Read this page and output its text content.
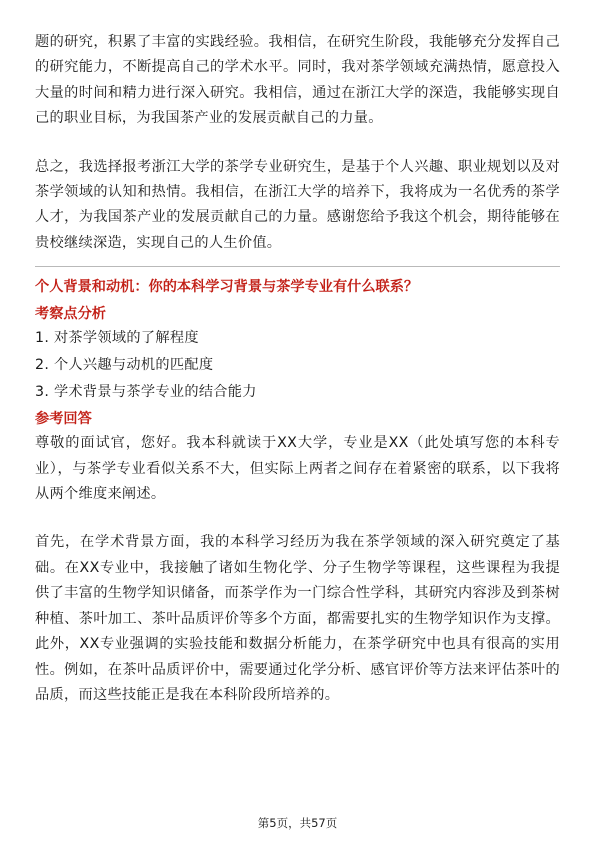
题的研究，积累了丰富的实践经验。我相信，在研究生阶段，我能够充分发挥自己的研究能力，不断提高自己的学术水平。同时，我对茶学领域充满热情，愿意投入大量的时间和精力进行深入研究。我相信，通过在浙江大学的深造，我能够实现自己的职业目标，为我国茶产业的发展贡献自己的力量。

总之，我选择报考浙江大学的茶学专业研究生，是基于个人兴趣、职业规划以及对茶学领域的认知和热情。我相信，在浙江大学的培养下，我将成为一名优秀的茶学人才，为我国茶产业的发展贡献自己的力量。感谢您给予我这个机会，期待能够在贵校继续深造，实现自己的人生价值。

个人背景和动机：你的本科学习背景与茶学专业有什么联系？
考察点分析
1. 对茶学领域的了解程度
2. 个人兴趣与动机的匹配度
3. 学术背景与茶学专业的结合能力
参考回答

尊敬的面试官，您好。我本科就读于XX大学，专业是XX（此处填写您的本科专业），与茶学专业看似关系不大，但实际上两者之间存在着紧密的联系，以下我将从两个维度来阐述。

首先，在学术背景方面，我的本科学习经历为我在茶学领域的深入研究奠定了基础。在XX专业中，我接触了诸如生物化学、分子生物学等课程，这些课程为我提供了丰富的生物学知识储备，而茶学作为一门综合性学科，其研究内容涉及到茶树种植、茶叶加工、茶叶品质评价等多个方面，都需要扎实的生物学知识作为支撑。此外，XX专业强调的实验技能和数据分析能力，在茶学研究中也具有很高的实用性。例如，在茶叶品质评价中，需要通过化学分析、感官评价等方法来评估茶叶的品质，而这些技能正是我在本科阶段所培养的。

第5页，共57页
